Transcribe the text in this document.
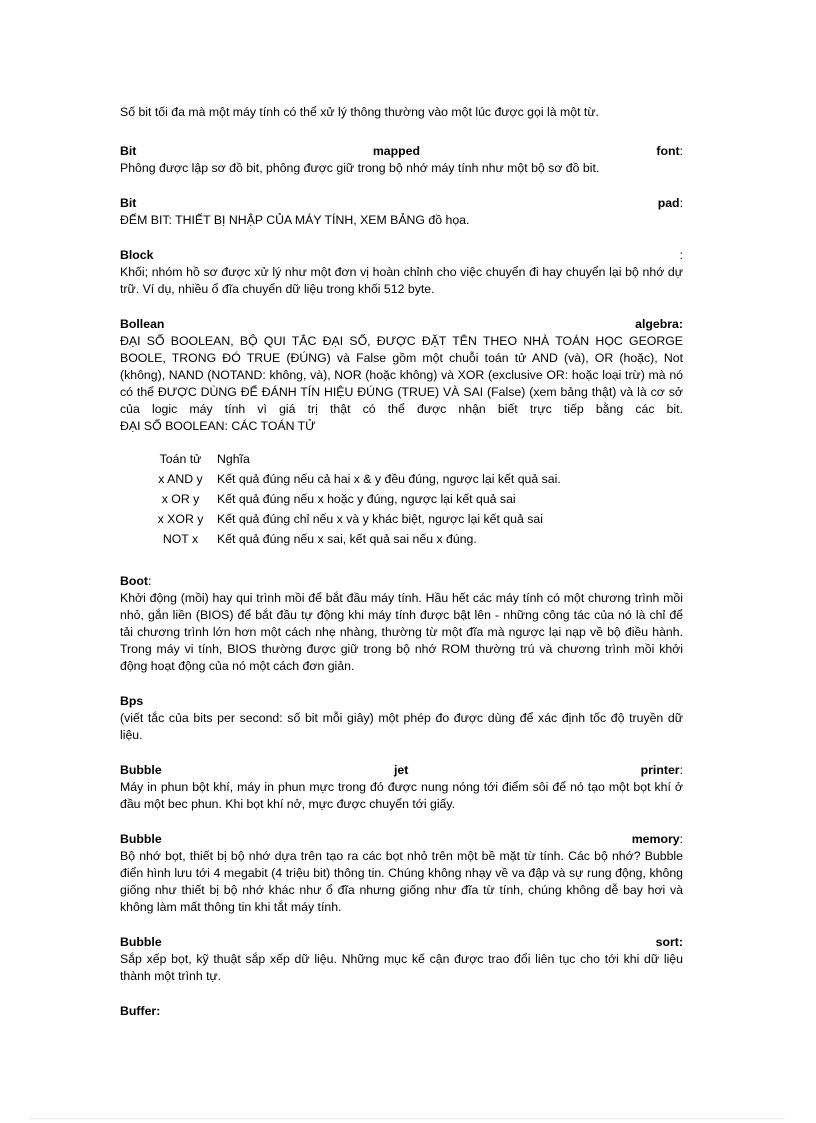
Số bit tối đa mà một máy tính có thể xử lý thông thường vào một lúc được gọi là một từ.

Bit	mapped	font:
Phông được lập sơ đồ bit, phông được giữ trong bộ nhớ máy tính như một bộ sơ đồ bit.
Bit	pad:
ĐẾM BIT: THIẾT BỊ NHẬP CỦA MÁY TÍNH, XEM BẢNG đồ họa.
Block	:
Khối; nhóm hồ sơ được xử lý như một đơn vị hoàn chỉnh cho việc chuyển đi hay chuyển lại bộ nhớ dự trữ. Ví dụ, nhiều ổ đĩa chuyển dữ liệu trong khối 512 byte.
Bollean	algebra:
ĐẠI SỐ BOOLEAN, BỘ QUI TẮC ĐẠI SỐ, ĐƯỢC ĐẶT TÊN THEO NHÀ TOÁN HỌC GEORGE BOOLE, TRONG ĐÓ TRUE (ĐÚNG) và False gồm một chuỗi toán tử AND (và), OR (hoặc), Not (không), NAND (NOTAND: không, và), NOR (hoặc không) và XOR (exclusive OR: hoặc loại trừ) mà nó có thể ĐƯỢC DÙNG ĐỂ ĐÁNH TÍN HIỆU ĐÚNG (TRUE) VÀ SAI (False) (xem bảng thật) và là cơ sở của logic máy tính vì giá trị thật có thể được nhận biết trực tiếp bằng các bit.
ĐẠI SỐ BOOLEAN: CÁC TOÁN TỬ
Toán tử	Nghĩa
x AND y	Kết quả đúng nếu cả hai x & y đều đúng, ngược lại kết quả sai.
x OR y	Kết quả đúng nếu x hoặc y đúng, ngược lại kết quả sai
x XOR y	Kết quả đúng chỉ nếu x và y khác biệt, ngược lại kết quả sai
NOT x	Kết quả đúng nếu x sai, kết quả sai nếu x đúng.
Boot:
Khởi động (mồi) hay qui trình mồi để bắt đầu máy tính. Hầu hết các máy tính có một chương trình mồi nhỏ, gắn liền (BIOS) để bắt đầu tự động khi máy tính được bật lên - những công tác của nó là chỉ để tải chương trình lớn hơn một cách nhẹ nhàng, thường từ một đĩa mà ngược lại nạp về bộ điều hành. Trong máy vi tính, BIOS thường được giữ trong bộ nhớ ROM thường trú và chương trình mồi khởi động hoạt động của nó một cách đơn giản.
Bps
(viết tắc của bits per second: số bit mỗi giây) một phép đo được dùng để xác định tốc độ truyền dữ liệu.
Bubble	jet	printer:
Máy in phun bột khí, máy in phun mực trong đó được nung nóng tới điểm sôi để nó tạo một bọt khí ở đầu một bec phun. Khi bọt khí nở, mực được chuyển tới giấy.
Bubble	memory:
Bộ nhớ bọt, thiết bị bộ nhớ dựa trên tạo ra các bọt nhỏ trên một bề mặt từ tính. Các bộ nhớ? Bubble điển hình lưu tới 4 megabit (4 triệu bit) thông tin. Chúng không nhạy về va đập và sự rung động, không giống như thiết bị bộ nhớ khác như ổ đĩa nhưng giống như đĩa từ tính, chúng không dễ bay hơi và không làm mất thông tin khi tắt máy tính.
Bubble	sort:
Sắp xếp bọt, kỹ thuật sắp xếp dữ liệu. Những mục kế cận được trao đổi liên tục cho tới khi dữ liệu thành một trình tự.
Buffer:
